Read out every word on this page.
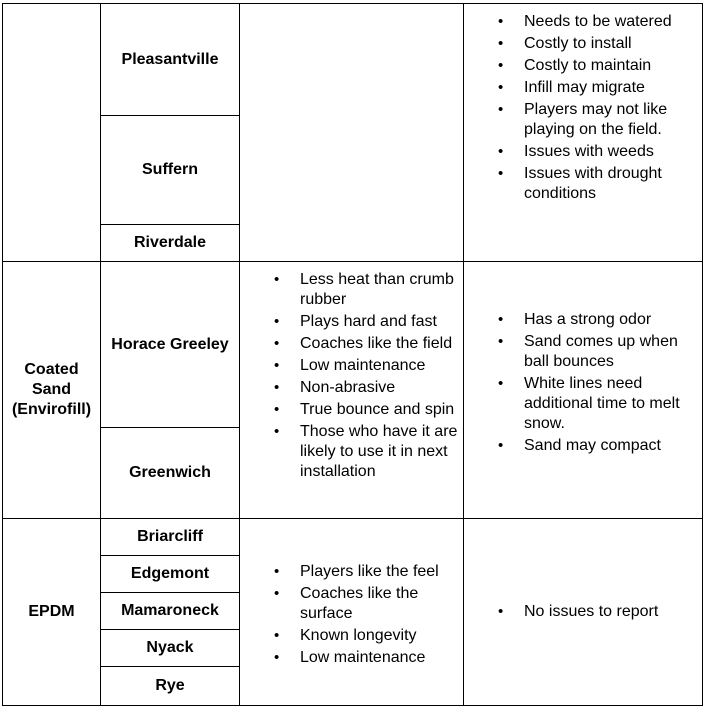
Pleasantville
Suffern
Riverdale
• Needs to be watered
• Costly to install
• Costly to maintain
• Infill may migrate
• Players may not like playing on the field.
• Issues with weeds
• Issues with drought conditions
Coated
Sand
(Envirofill)
Horace Greeley
Greenwich
• Less heat than crumb rubber
• Plays hard and fast
• Coaches like the field
• Low maintenance
• Non-abrasive
• True bounce and spin
• Those who have it are likely to use it in next installation
• Has a strong odor
• Sand comes up when ball bounces
• White lines need additional time to melt snow.
• Sand may compact
EPDM
Briarcliff
Edgemont
Mamaroneck
Nyack
Rye
• Players like the feel
• Coaches like the surface
• Known longevity
• Low maintenance
• No issues to report
